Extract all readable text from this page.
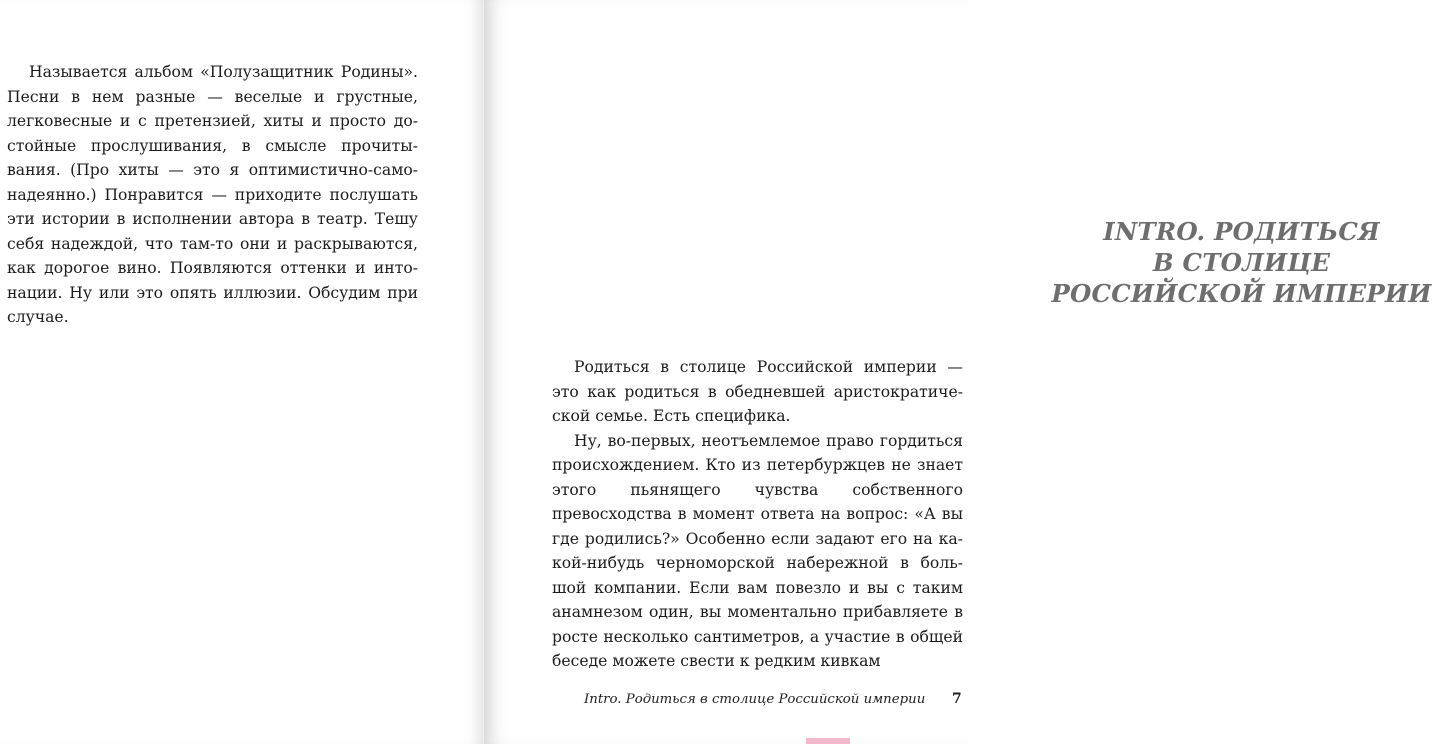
Называется альбом «Полузащитник Родины». Песни в нем разные — веселые и грустные, легковесные и с претензией, хиты и просто достойные прослушивания, в смысле прочитывания. (Про хиты — это я оптимистично-самонадеянно.) Понравится — приходите послушать эти истории в исполнении автора в театр. Тешу себя надеждой, что там-то они и раскрываются, как дорогое вино. Появляются оттенки и интонации. Ну или это опять иллюзии. Обсудим при случае.

INTRO. РОДИТЬСЯ
В СТОЛИЦЕ
РОССИЙСКОЙ ИМПЕРИИ

Родиться в столице Российской империи — это как родиться в обедневшей аристократической семье. Есть специфика.

Ну, во-первых, неотъемлемое право гордиться происхождением. Кто из петербуржцев не знает этого пьянящего чувства собственного превосходства в момент ответа на вопрос: «А вы где родились?» Особенно если задают его на какой-нибудь черноморской набережной в большой компании. Если вам повезло и вы с таким анамнезом один, вы моментально прибавляете в росте несколько сантиметров, а участие в общей беседе можете свести к редким кивкам

Intro. Родиться в столице Российской империи 7
